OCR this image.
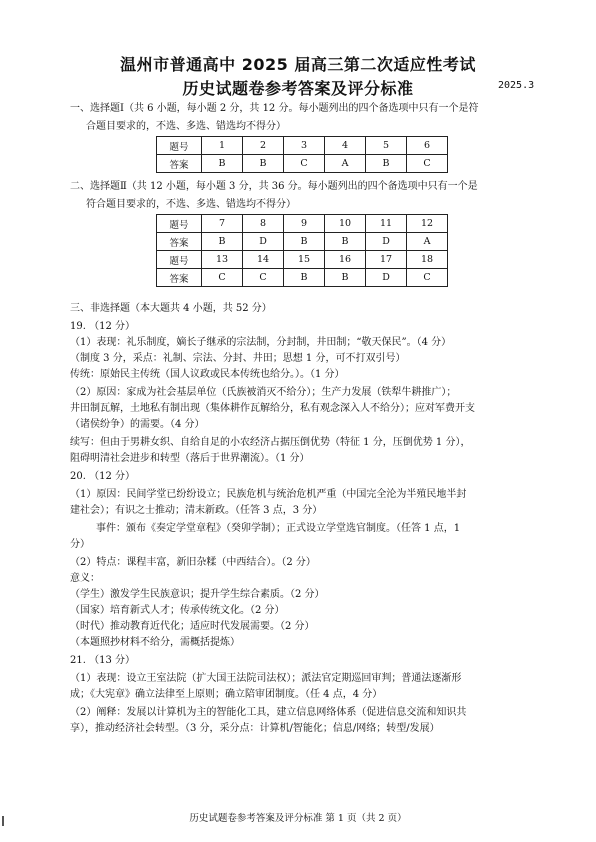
温州市普通高中 2025 届高三第二次适应性考试
历史试题卷参考答案及评分标准	2025.3
一、选择题Ⅰ（共 6 小题，每小题 2 分，共 12 分。每小题列出的四个备选项中只有一个是符
合题目要求的，不选、多选、错选均不得分）
题号	1	2	3	4	5	6
答案	B	B	C	A	B	C
二、选择题Ⅱ（共 12 小题，每小题 3 分，共 36 分。每小题列出的四个备选项中只有一个是
符合题目要求的，不选、多选、错选均不得分）
题号	7	8	9	10	11	12
答案	B	D	B	B	D	A
题号	13	14	15	16	17	18
答案	C	C	B	B	D	C
三、非选择题（本大题共 4 小题，共 52 分）
19. （12 分）
（1）表现：礼乐制度，嫡长子继承的宗法制，分封制，井田制；“敬天保民”。（4 分）
（制度 3 分，采点：礼制、宗法、分封、井田；思想 1 分，可不打双引号）
传统：原始民主传统（国人议政或民本传统也给分。）。（1 分）
（2）原因：家成为社会基层单位（氏族被消灭不给分）；生产力发展（铁犁牛耕推广）；
井田制瓦解，土地私有制出现（集体耕作瓦解给分，私有观念深入人不给分）；应对军费开支
（诸侯纷争）的需要。（4 分）
续写：但由于男耕女织、自给自足的小农经济占据压倒优势（特征 1 分，压倒优势 1 分），
阻碍明清社会进步和转型（落后于世界潮流）。（1 分）
20. （12 分）
（1）原因：民间学堂已纷纷设立；民族危机与统治危机严重（中国完全沦为半殖民地半封
建社会）；有识之士推动；清末新政。（任答 3 点，3 分）
事件：颁布《奏定学堂章程》（癸卯学制）；正式设立学堂选官制度。（任答 1 点，1
分）
（2）特点：课程丰富，新旧杂糅（中西结合）。（2 分）
意义：
（学生）激发学生民族意识；提升学生综合素质。（2 分）
（国家）培育新式人才；传承传统文化。（2 分）
（时代）推动教育近代化；适应时代发展需要。（2 分）
（本题照抄材料不给分，需概括提炼）
21. （13 分）
（1）表现：设立王室法院（扩大国王法院司法权）；派法官定期巡回审判；普通法逐渐形
成；《大宪章》确立法律至上原则；确立陪审团制度。（任 4 点，4 分）
（2）阐释：发展以计算机为主的智能化工具，建立信息网络体系（促进信息交流和知识共
享），推动经济社会转型。（3 分，采分点：计算机/智能化；信息/网络；转型/发展）
历史试题卷参考答案及评分标准 第 1 页（共 2 页）
